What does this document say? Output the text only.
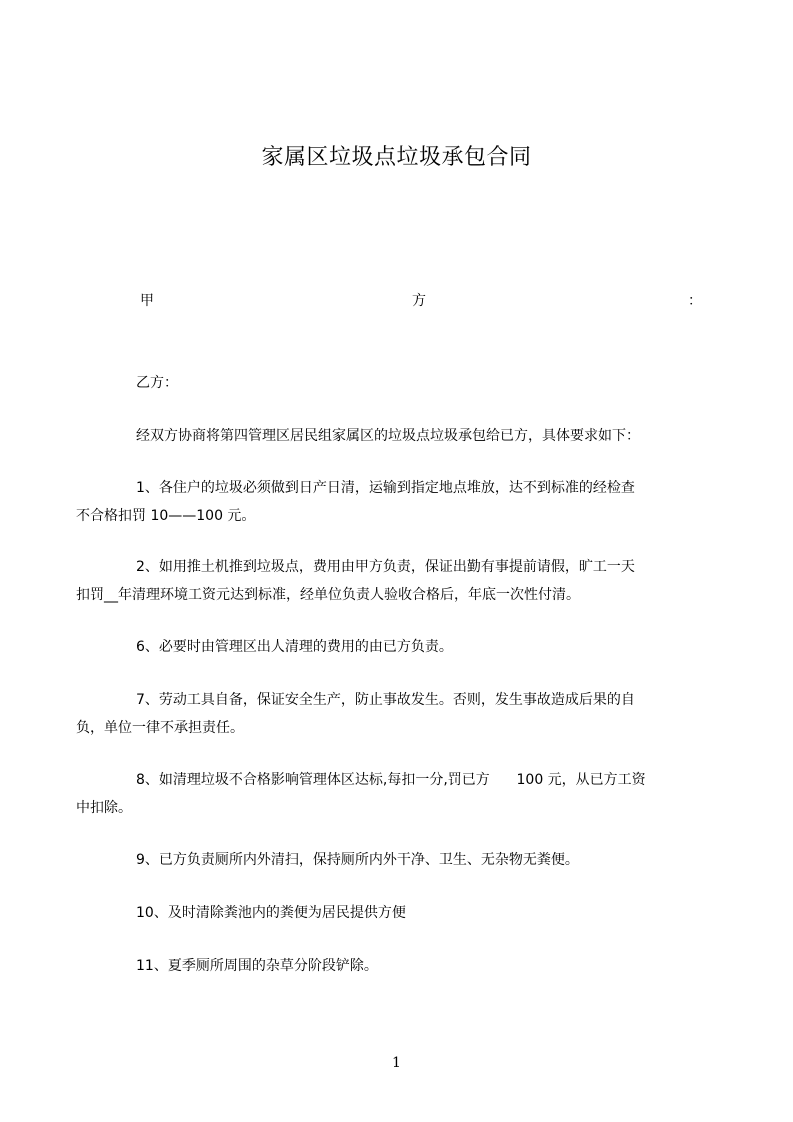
家属区垃圾点垃圾承包合同
甲	方	：
乙方：
经双方协商将第四管理区居民组家属区的垃圾点垃圾承包给已方，具体要求如下：
1、各住户的垃圾必须做到日产日清，运输到指定地点堆放，达不到标准的经检查
不合格扣罚 10——100 元。
2、如用推土机推到垃圾点，费用由甲方负责，保证出勤有事提前请假，旷工一天
扣罚__年清理环境工资元达到标准，经单位负责人验收合格后，年底一次性付清。
6、必要时由管理区出人清理的费用的由已方负责。
7、劳动工具自备，保证安全生产，防止事故发生。否则，发生事故造成后果的自
负，单位一律不承担责任。
8、如清理垃圾不合格影响管理体区达标,每扣一分,罚已方      100 元，从已方工资
中扣除。
9、已方负责厕所内外清扫，保持厕所内外干净、卫生、无杂物无粪便。
10、及时清除粪池内的粪便为居民提供方便
11、夏季厕所周围的杂草分阶段铲除。
1
